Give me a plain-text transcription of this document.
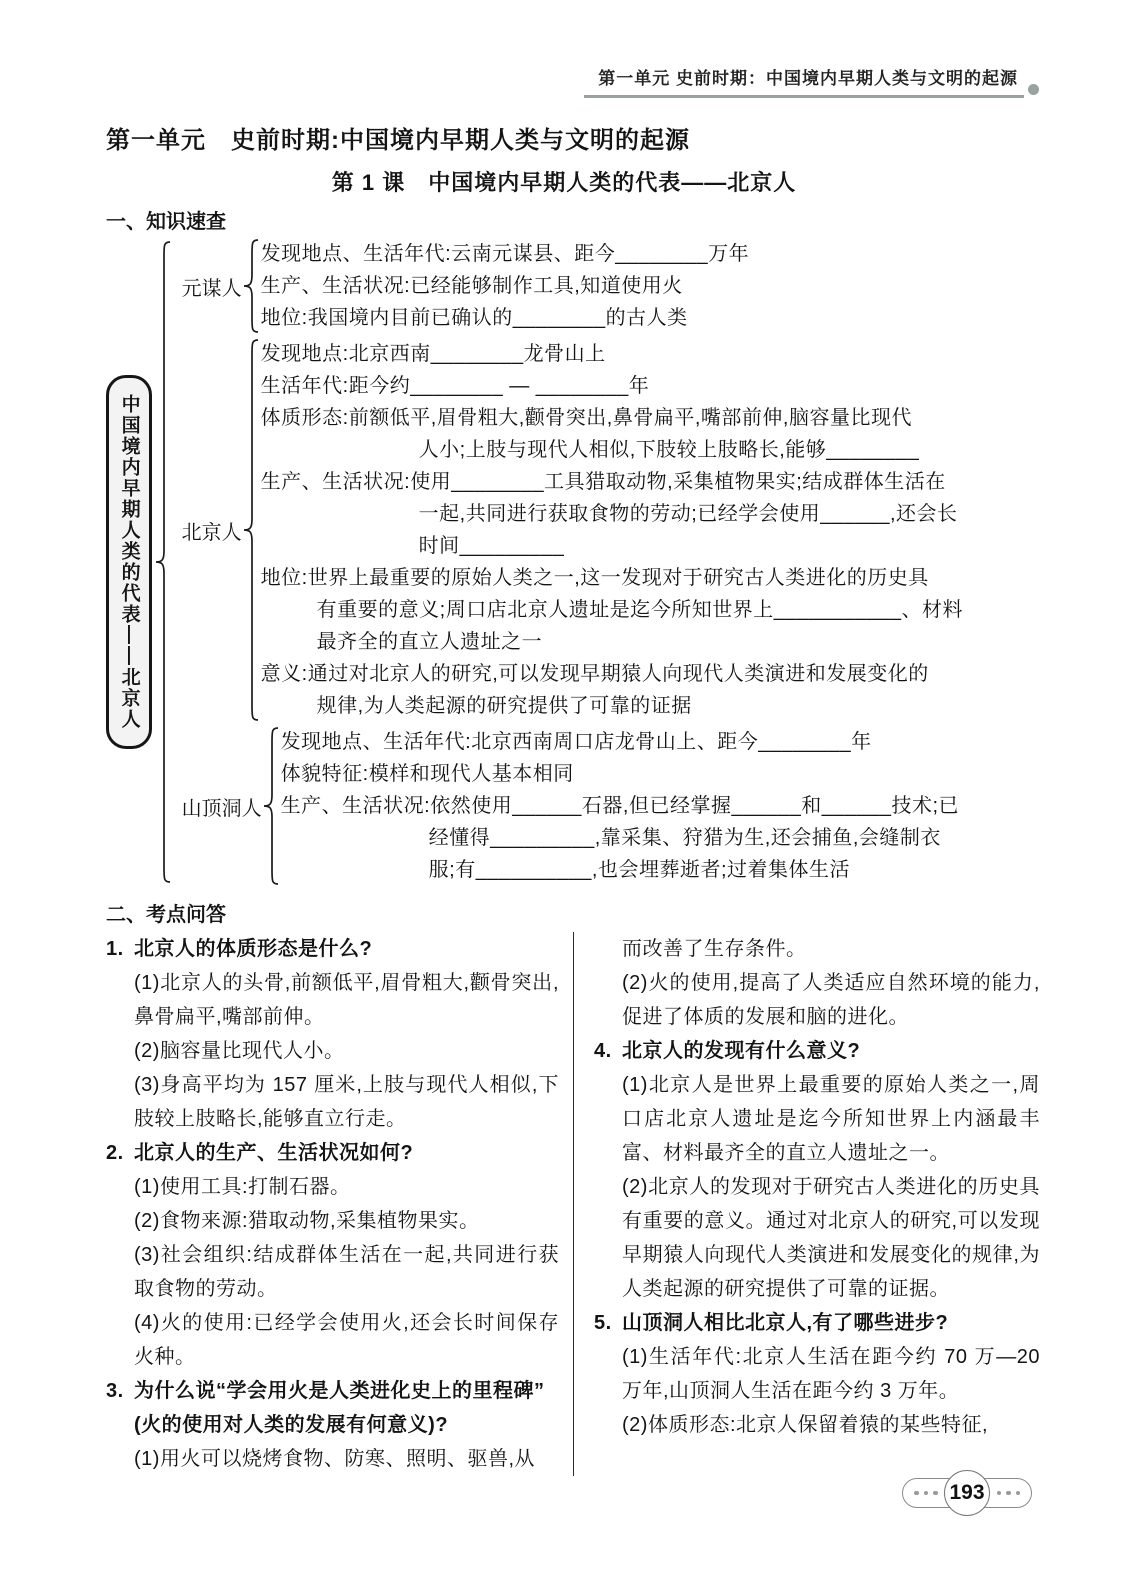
第一单元 史前时期：中国境内早期人类与文明的起源
第一单元　史前时期:中国境内早期人类与文明的起源
第 1 课　中国境内早期人类的代表——北京人
一、知识速查
中国境内早期人类的代表——北京人
元谋人
发现地点、生活年代:云南元谋县、距今________万年
生产、生活状况:已经能够制作工具,知道使用火
地位:我国境内目前已确认的________的古人类
北京人
发现地点:北京西南________龙骨山上
生活年代:距今约________ — ________年
体质形态:前额低平,眉骨粗大,颧骨突出,鼻骨扁平,嘴部前伸,脑容量比现代
人小;上肢与现代人相似,下肢较上肢略长,能够________
生产、生活状况:使用________工具猎取动物,采集植物果实;结成群体生活在
一起,共同进行获取食物的劳动;已经学会使用______,还会长
时间_________
地位:世界上最重要的原始人类之一,这一发现对于研究古人类进化的历史具
有重要的意义;周口店北京人遗址是迄今所知世界上___________、材料
最齐全的直立人遗址之一
意义:通过对北京人的研究,可以发现早期猿人向现代人类演进和发展变化的
规律,为人类起源的研究提供了可靠的证据
山顶洞人
发现地点、生活年代:北京西南周口店龙骨山上、距今________年
体貌特征:模样和现代人基本相同
生产、生活状况:依然使用______石器,但已经掌握______和______技术;已
经懂得_________,靠采集、狩猎为生,还会捕鱼,会缝制衣
服;有__________,也会埋葬逝者;过着集体生活
二、考点问答
1. 北京人的体质形态是什么?
(1)北京人的头骨,前额低平,眉骨粗大,颧骨突出,鼻骨扁平,嘴部前伸。
(2)脑容量比现代人小。
(3)身高平均为 157 厘米,上肢与现代人相似,下肢较上肢略长,能够直立行走。
2. 北京人的生产、生活状况如何?
(1)使用工具:打制石器。
(2)食物来源:猎取动物,采集植物果实。
(3)社会组织:结成群体生活在一起,共同进行获取食物的劳动。
(4)火的使用:已经学会使用火,还会长时间保存火种。
3. 为什么说“学会用火是人类进化史上的里程碑”(火的使用对人类的发展有何意义)?
(1)用火可以烧烤食物、防寒、照明、驱兽,从
而改善了生存条件。
(2)火的使用,提高了人类适应自然环境的能力,促进了体质的发展和脑的进化。
4. 北京人的发现有什么意义?
(1)北京人是世界上最重要的原始人类之一,周口店北京人遗址是迄今所知世界上内涵最丰富、材料最齐全的直立人遗址之一。
(2)北京人的发现对于研究古人类进化的历史具有重要的意义。通过对北京人的研究,可以发现早期猿人向现代人类演进和发展变化的规律,为人类起源的研究提供了可靠的证据。
5. 山顶洞人相比北京人,有了哪些进步?
(1)生活年代:北京人生活在距今约 70 万—20 万年,山顶洞人生活在距今约 3 万年。
(2)体质形态:北京人保留着猿的某些特征,
193
